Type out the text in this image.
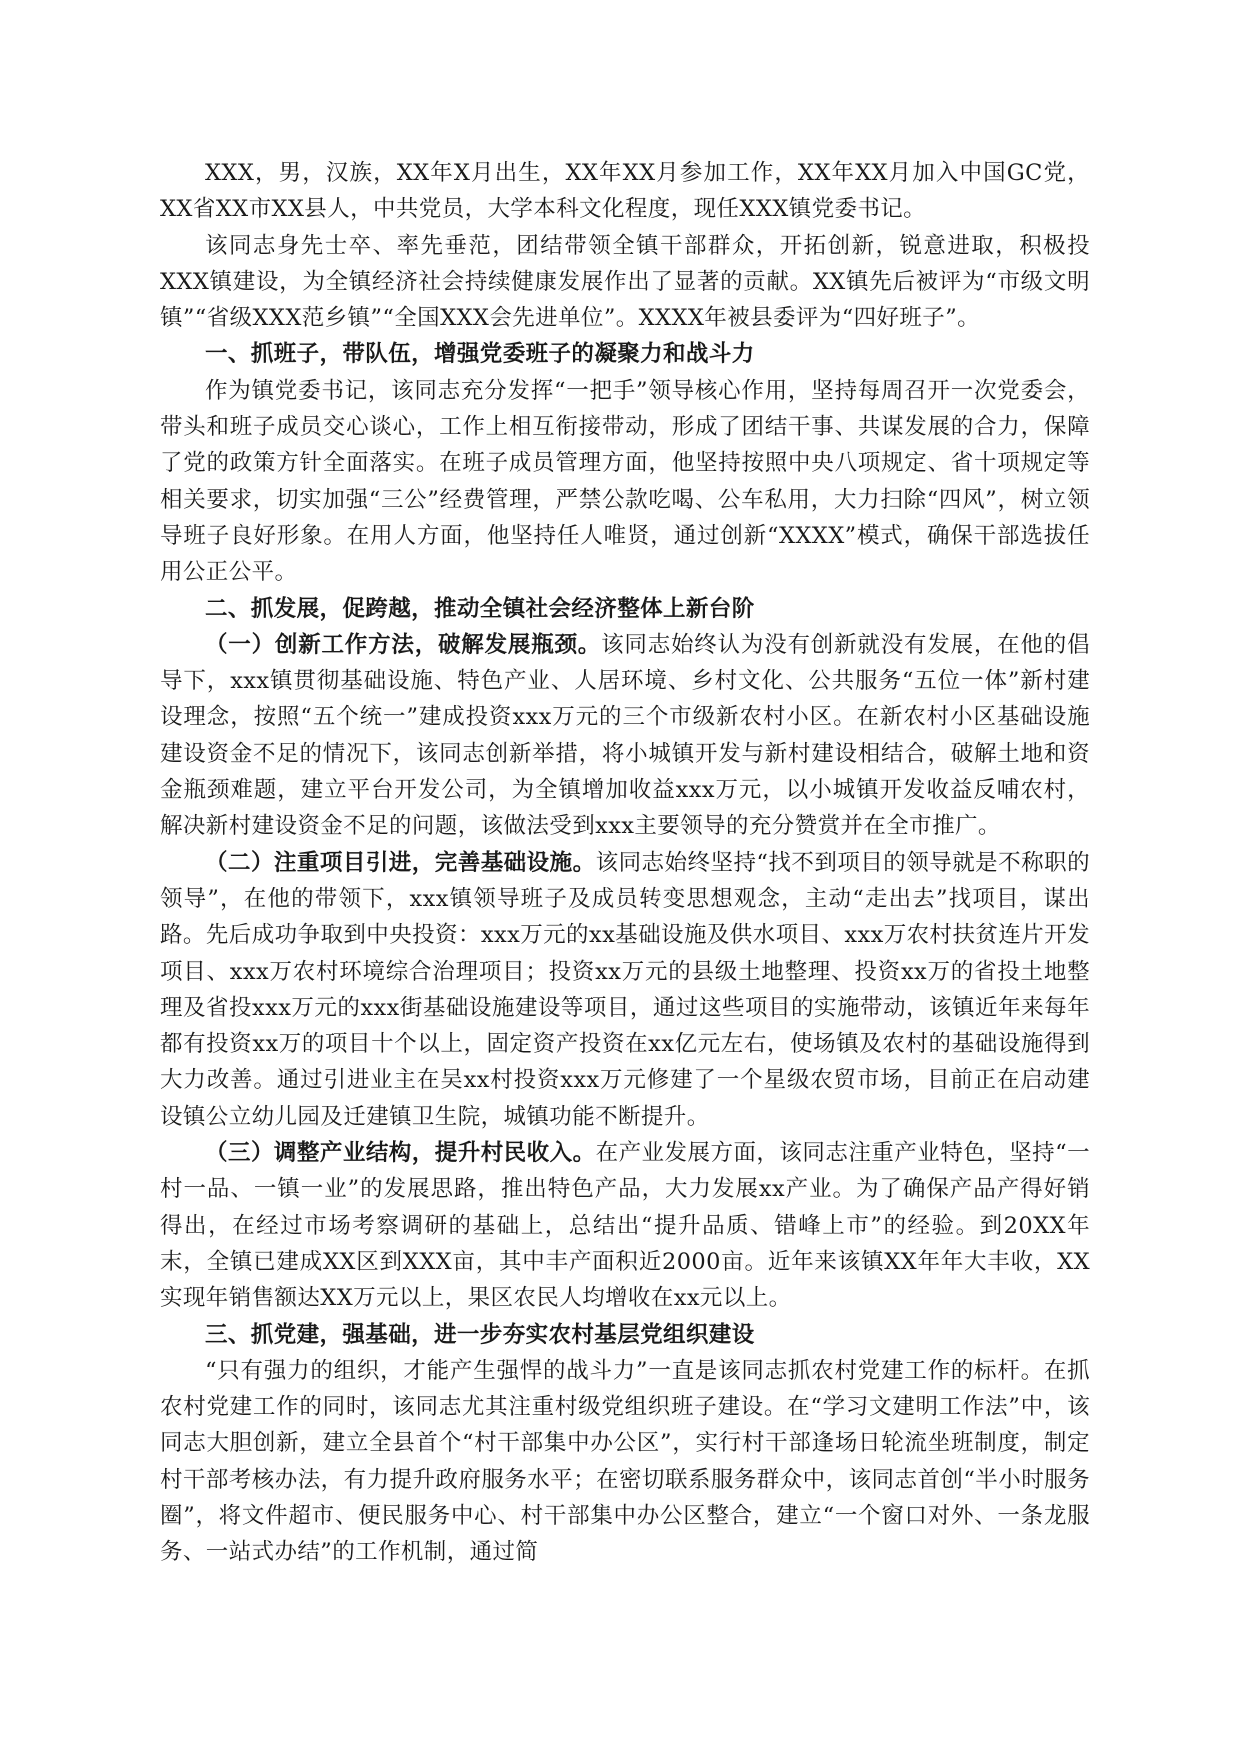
XXX，男，汉族，XX年X月出生，XX年XX月参加工作，XX年XX月加入中国GC党，XX省XX市XX县人，中共党员，大学本科文化程度，现任XXX镇党委书记。

该同志身先士卒、率先垂范，团结带领全镇干部群众，开拓创新，锐意进取，积极投XXX镇建设，为全镇经济社会持续健康发展作出了显著的贡献。XX镇先后被评为“市级文明镇”“省级XXX范乡镇”“全国XXX会先进单位”。XXXX年被县委评为“四好班子”。

一、抓班子，带队伍，增强党委班子的凝聚力和战斗力

作为镇党委书记，该同志充分发挥“一把手”领导核心作用，坚持每周召开一次党委会，带头和班子成员交心谈心，工作上相互衔接带动，形成了团结干事、共谋发展的合力，保障了党的政策方针全面落实。在班子成员管理方面，他坚持按照中央八项规定、省十项规定等相关要求，切实加强“三公”经费管理，严禁公款吃喝、公车私用，大力扫除“四风”，树立领导班子良好形象。在用人方面，他坚持任人唯贤，通过创新“XXXX”模式，确保干部选拔任用公正公平。

二、抓发展，促跨越，推动全镇社会经济整体上新台阶

（一）创新工作方法，破解发展瓶颈。该同志始终认为没有创新就没有发展，在他的倡导下，xxx镇贯彻基础设施、特色产业、人居环境、乡村文化、公共服务“五位一体”新村建设理念，按照“五个统一”建成投资xxx万元的三个市级新农村小区。在新农村小区基础设施建设资金不足的情况下，该同志创新举措，将小城镇开发与新村建设相结合，破解土地和资金瓶颈难题，建立平台开发公司，为全镇增加收益xxx万元，以小城镇开发收益反哺农村，解决新村建设资金不足的问题，该做法受到xxx主要领导的充分赞赏并在全市推广。

（二）注重项目引进，完善基础设施。该同志始终坚持“找不到项目的领导就是不称职的领导”，在他的带领下，xxx镇领导班子及成员转变思想观念，主动“走出去”找项目，谋出路。先后成功争取到中央投资：xxx万元的xx基础设施及供水项目、xxx万农村扶贫连片开发项目、xxx万农村环境综合治理项目；投资xx万元的县级土地整理、投资xx万的省投土地整理及省投xxx万元的xxx街基础设施建设等项目，通过这些项目的实施带动，该镇近年来每年都有投资xx万的项目十个以上，固定资产投资在xx亿元左右，使场镇及农村的基础设施得到大力改善。通过引进业主在吴xx村投资xxx万元修建了一个星级农贸市场，目前正在启动建设镇公立幼儿园及迁建镇卫生院，城镇功能不断提升。

（三）调整产业结构，提升村民收入。在产业发展方面，该同志注重产业特色，坚持“一村一品、一镇一业”的发展思路，推出特色产品，大力发展xx产业。为了确保产品产得好销得出，在经过市场考察调研的基础上，总结出“提升品质、错峰上市”的经验。到20XX年末，全镇已建成XX区到XXX亩，其中丰产面积近2000亩。近年来该镇XX年年大丰收，XX实现年销售额达XX万元以上，果区农民人均增收在xx元以上。

三、抓党建，强基础，进一步夯实农村基层党组织建设

“只有强力的组织，才能产生强悍的战斗力”一直是该同志抓农村党建工作的标杆。在抓农村党建工作的同时，该同志尤其注重村级党组织班子建设。在“学习文建明工作法”中，该同志大胆创新，建立全县首个“村干部集中办公区”，实行村干部逢场日轮流坐班制度，制定村干部考核办法，有力提升政府服务水平；在密切联系服务群众中，该同志首创“半小时服务圈”，将文件超市、便民服务中心、村干部集中办公区整合，建立“一个窗口对外、一条龙服务、一站式办结”的工作机制，通过简
